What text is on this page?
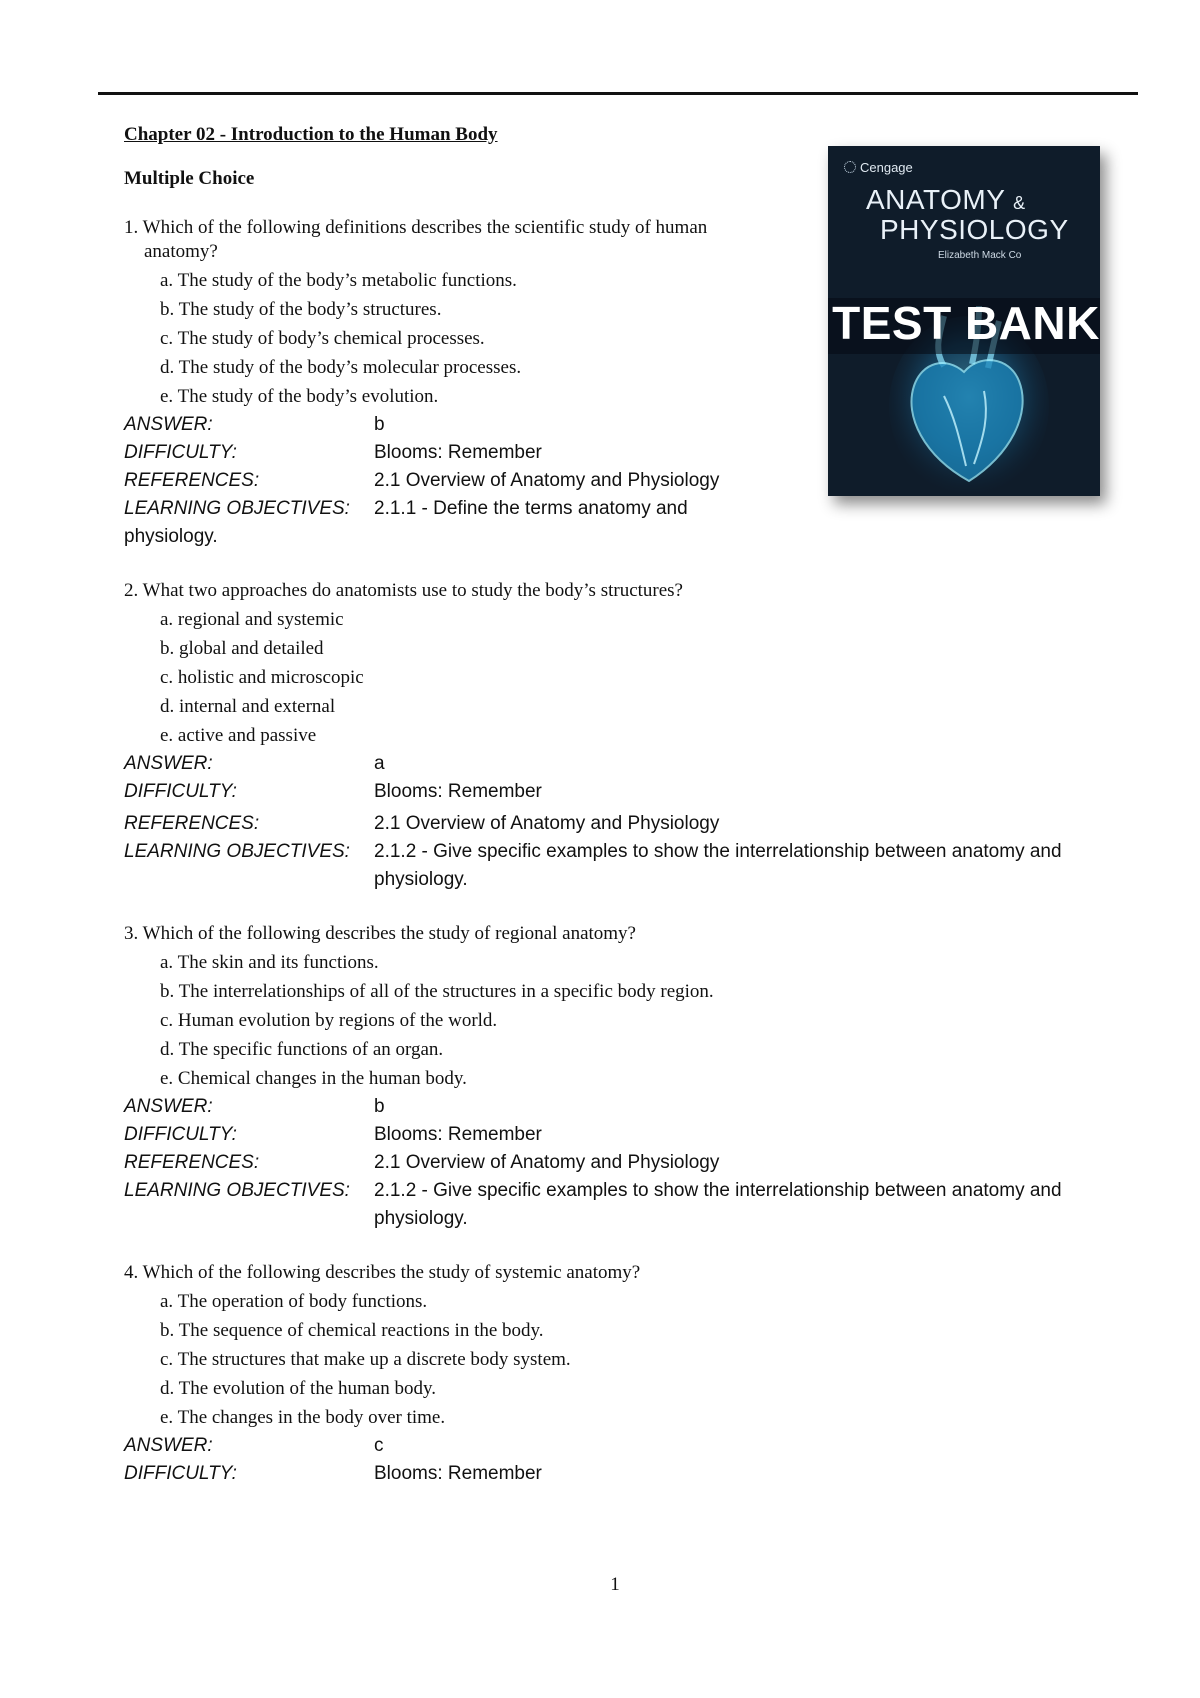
Cengage
ANATOMY &
PHYSIOLOGY
Elizabeth Mack Co
TEST BANK
Chapter 02 - Introduction to the Human Body
Multiple Choice
1. Which of the following definitions describes the scientific study of human anatomy?
a. The study of the body’s metabolic functions.
b. The study of the body’s structures.
c. The study of body’s chemical processes.
d. The study of the body’s molecular processes.
e. The study of the body’s evolution.
ANSWER:	b
DIFFICULTY:	Blooms: Remember
REFERENCES:	2.1 Overview of Anatomy and Physiology
LEARNING OBJECTIVES:	2.1.1 - Define the terms anatomy and
physiology.
2. What two approaches do anatomists use to study the body’s structures?
a. regional and systemic
b. global and detailed
c. holistic and microscopic
d. internal and external
e. active and passive
ANSWER:	a
DIFFICULTY:	Blooms: Remember
REFERENCES:	2.1 Overview of Anatomy and Physiology
LEARNING OBJECTIVES:	2.1.2 - Give specific examples to show the interrelationship between anatomy and
physiology.
3. Which of the following describes the study of regional anatomy?
a. The skin and its functions.
b. The interrelationships of all of the structures in a specific body region.
c. Human evolution by regions of the world.
d. The specific functions of an organ.
e. Chemical changes in the human body.
ANSWER:	b
DIFFICULTY:	Blooms: Remember
REFERENCES:	2.1 Overview of Anatomy and Physiology
LEARNING OBJECTIVES:	2.1.2 - Give specific examples to show the interrelationship between anatomy and
physiology.
4. Which of the following describes the study of systemic anatomy?
a. The operation of body functions.
b. The sequence of chemical reactions in the body.
c. The structures that make up a discrete body system.
d. The evolution of the human body.
e. The changes in the body over time.
ANSWER:	c
DIFFICULTY:	Blooms: Remember
1
